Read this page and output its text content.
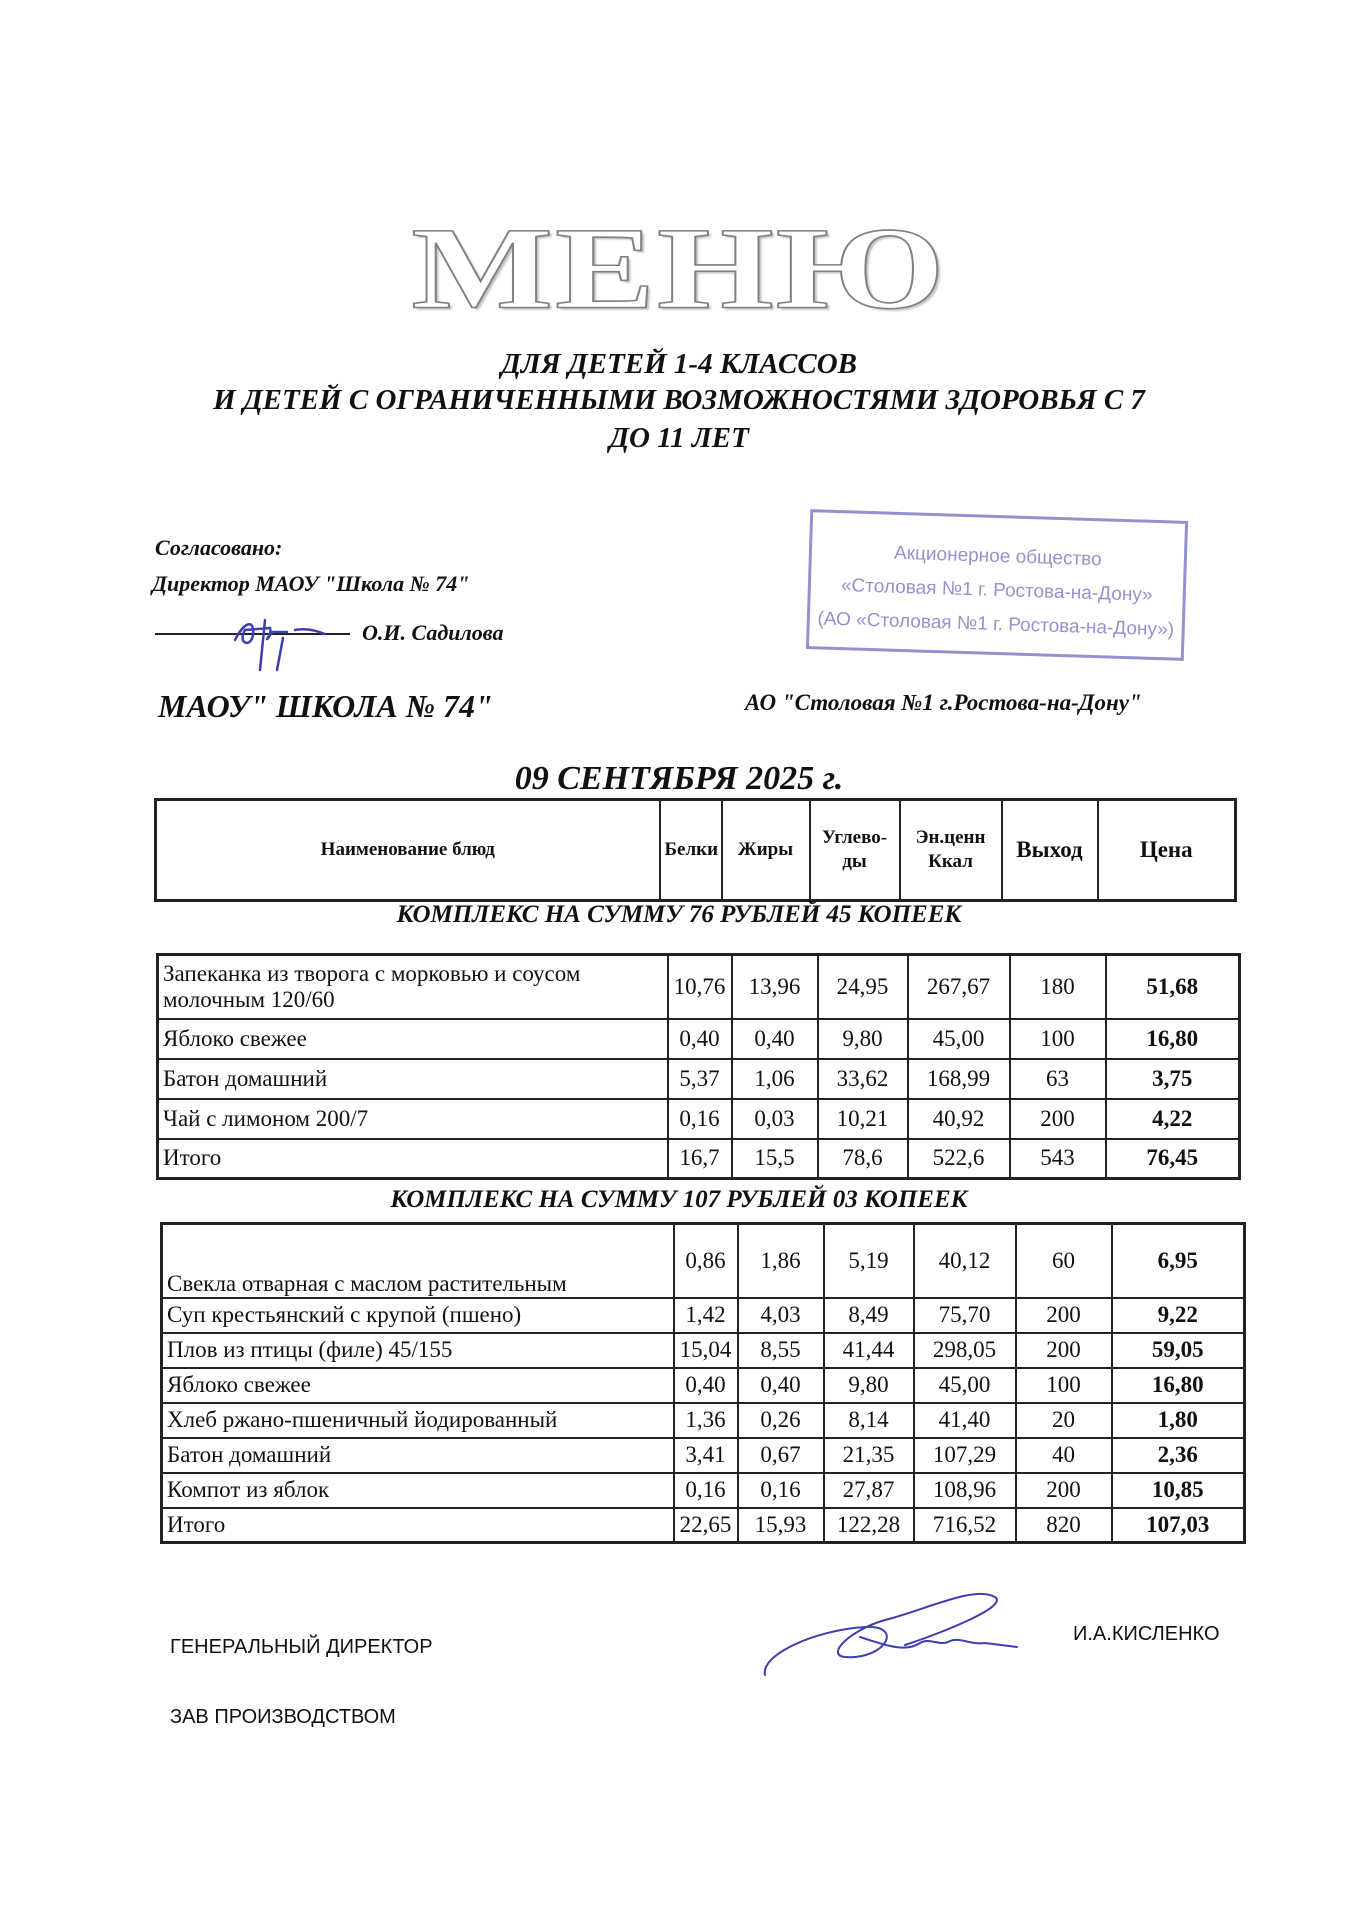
МЕНЮ
ДЛЯ ДЕТЕЙ 1-4 КЛАССОВ
И ДЕТЕЙ С ОГРАНИЧЕННЫМИ ВОЗМОЖНОСТЯМИ ЗДОРОВЬЯ С 7
ДО 11 ЛЕТ
Согласовано:
Директор МАОУ "Школа № 74"
О.И. Садилова
МАОУ" ШКОЛА № 74"
Акционерное общество
«Столовая №1 г. Ростова-на-Дону»
(АО «Столовая №1 г. Ростова-на-Дону»)
АО "Столовая №1 г.Ростова-на-Дону"
09 СЕНТЯБРЯ 2025 г.
Наименование блюд	Белки	Жиры	Углево-ды	Эн.ценн Ккал	Выход	Цена
КОМПЛЕКС НА СУММУ 76 РУБЛЕЙ 45 КОПЕЕК
Запеканка из творога с морковью и соусом молочным 120/60	10,76	13,96	24,95	267,67	180	51,68
Яблоко свежее	0,40	0,40	9,80	45,00	100	16,80
Батон домашний	5,37	1,06	33,62	168,99	63	3,75
Чай с лимоном 200/7	0,16	0,03	10,21	40,92	200	4,22
Итого	16,7	15,5	78,6	522,6	543	76,45
КОМПЛЕКС НА СУММУ 107 РУБЛЕЙ 03 КОПЕЕК
Свекла отварная с маслом растительным	0,86	1,86	5,19	40,12	60	6,95
Суп крестьянский с крупой (пшено)	1,42	4,03	8,49	75,70	200	9,22
Плов из птицы (филе) 45/155	15,04	8,55	41,44	298,05	200	59,05
Яблоко свежее	0,40	0,40	9,80	45,00	100	16,80
Хлеб ржано-пшеничный йодированный	1,36	0,26	8,14	41,40	20	1,80
Батон домашний	3,41	0,67	21,35	107,29	40	2,36
Компот из яблок	0,16	0,16	27,87	108,96	200	10,85
Итого	22,65	15,93	122,28	716,52	820	107,03
ГЕНЕРАЛЬНЫЙ ДИРЕКТОР
И.А.КИСЛЕНКО
ЗАВ ПРОИЗВОДСТВОМ
